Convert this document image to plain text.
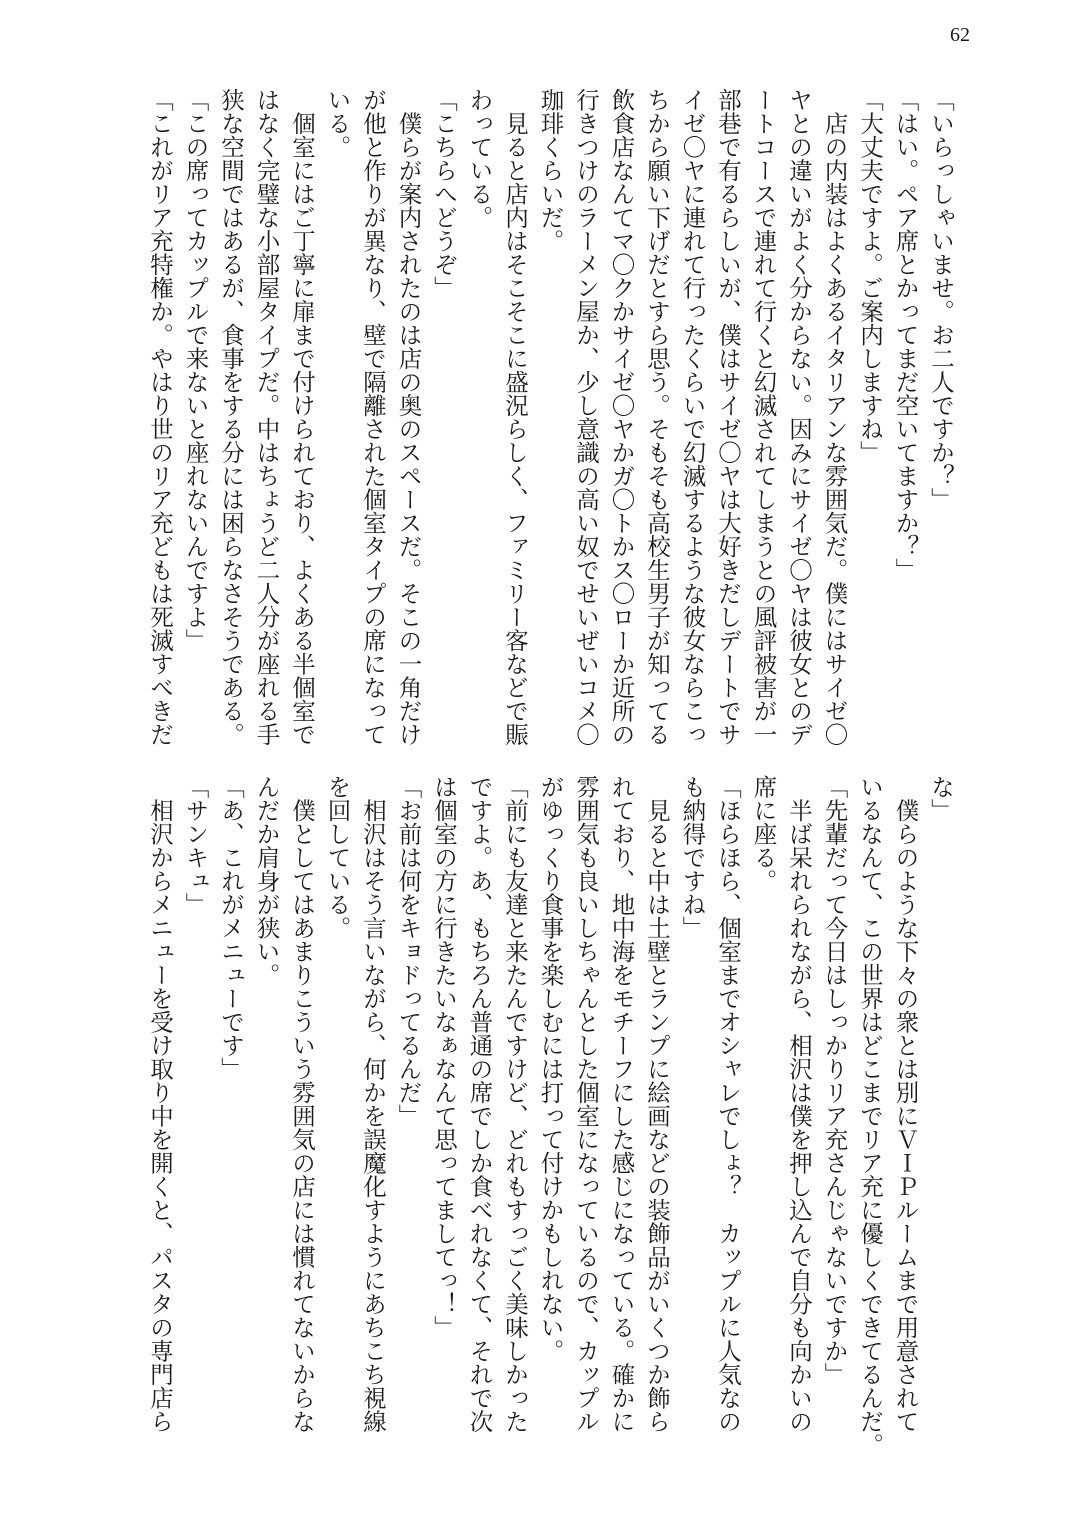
62
「いらっしゃいませ。お二人ですか？」
「はい。ペア席とかってまだ空いてますか？」
「大丈夫ですよ。ご案内しますね」
　店の内装はよくあるイタリアンな雰囲気だ。僕にはサイゼ〇
ヤとの違いがよく分からない。因みにサイゼ〇ヤは彼女とのデ
ートコースで連れて行くと幻滅されてしまうとの風評被害が一
部巷で有るらしいが、僕はサイゼ〇ヤは大好きだしデートでサ
イゼ〇ヤに連れて行ったくらいで幻滅するような彼女ならこっ
ちから願い下げだとすら思う。そもそも高校生男子が知ってる
飲食店なんてマ〇クかサイゼ〇ヤかガ〇トかス〇ローか近所の
行きつけのラーメン屋か、少し意識の高い奴でせいぜいコメ〇
珈琲くらいだ。
　見ると店内はそこそこに盛況らしく、ファミリー客などで賑
わっている。
「こちらへどうぞ」
　僕らが案内されたのは店の奥のスペースだ。そこの一角だけ
が他と作りが異なり、壁で隔離された個室タイプの席になって
いる。
　個室にはご丁寧に扉まで付けられており、よくある半個室で
はなく完璧な小部屋タイプだ。中はちょうど二人分が座れる手
狭な空間ではあるが、食事をする分には困らなさそうである。
「この席ってカップルで来ないと座れないんですよ」
「これがリア充特権か。やはり世のリア充どもは死滅すべきだ
な」
　僕らのような下々の衆とは別にＶＩＰルームまで用意されて
いるなんて、この世界はどこまでリア充に優しくできてるんだ。
「先輩だって今日はしっかりリア充さんじゃないですか」
　半ば呆れられながら、相沢は僕を押し込んで自分も向かいの
席に座る。
「ほらほら、個室までオシャレでしょ？　カップルに人気なの
も納得ですね」
　見ると中は土壁とランプに絵画などの装飾品がいくつか飾ら
れており、地中海をモチーフにした感じになっている。確かに
雰囲気も良いしちゃんとした個室になっているので、カップル
がゆっくり食事を楽しむには打って付けかもしれない。
「前にも友達と来たんですけど、どれもすっごく美味しかった
ですよ。あ、もちろん普通の席でしか食べれなくて、それで次
は個室の方に行きたいなぁなんて思ってましてっ！」
「お前は何をキョドってるんだ」
　相沢はそう言いながら、何かを誤魔化すようにあちこち視線
を回している。
　僕としてはあまりこういう雰囲気の店には慣れてないからな
んだか肩身が狭い。
「あ、これがメニューです」
「サンキュ」
　相沢からメニューを受け取り中を開くと、パスタの専門店ら
